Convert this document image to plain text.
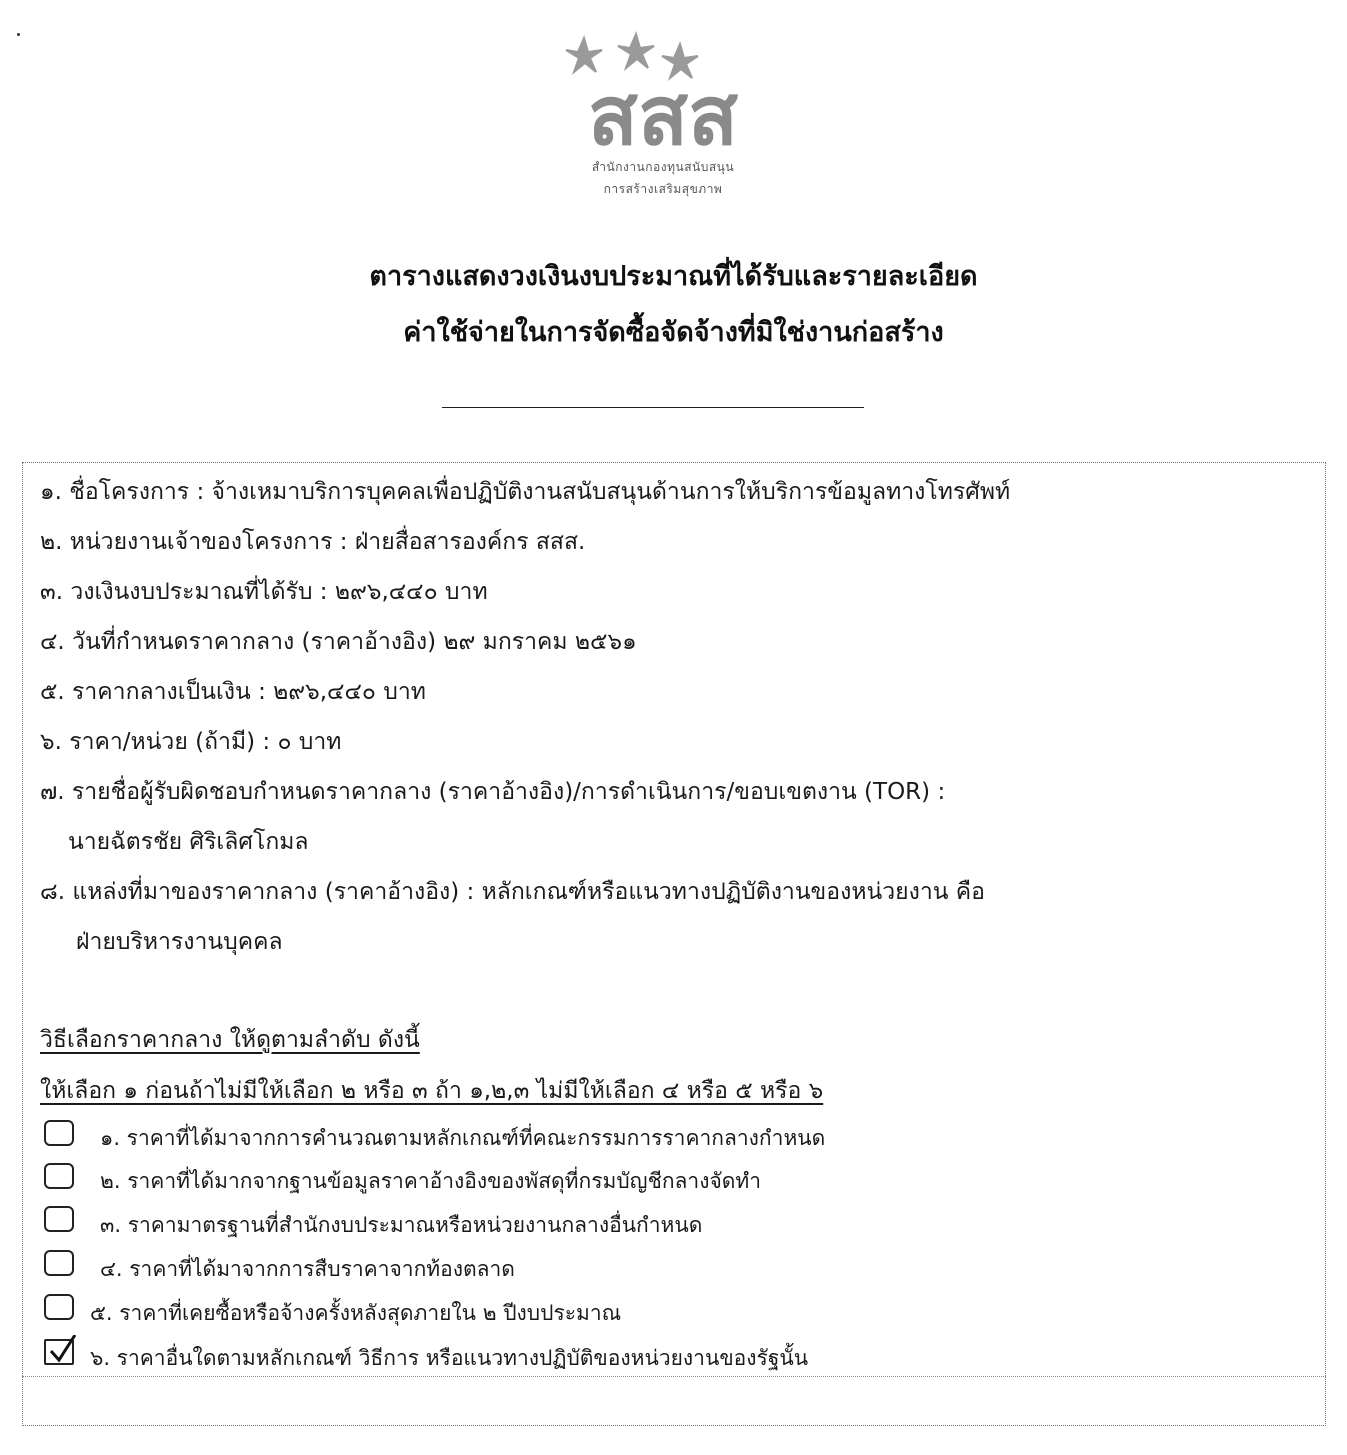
สสส
สำนักงานกองทุนสนับสนุน
การสร้างเสริมสุขภาพ
ตารางแสดงวงเงินงบประมาณที่ได้รับและรายละเอียด
ค่าใช้จ่ายในการจัดซื้อจัดจ้างที่มิใช่งานก่อสร้าง
๑. ชื่อโครงการ : จ้างเหมาบริการบุคคลเพื่อปฏิบัติงานสนับสนุนด้านการให้บริการข้อมูลทางโทรศัพท์
๒. หน่วยงานเจ้าของโครงการ : ฝ่ายสื่อสารองค์กร สสส.
๓. วงเงินงบประมาณที่ได้รับ : ๒๙๖,๔๔๐ บาท
๔. วันที่กำหนดราคากลาง (ราคาอ้างอิง) ๒๙ มกราคม ๒๕๖๑
๕. ราคากลางเป็นเงิน : ๒๙๖,๔๔๐ บาท
๖. ราคา/หน่วย (ถ้ามี) : ๐ บาท
๗. รายชื่อผู้รับผิดชอบกำหนดราคากลาง (ราคาอ้างอิง)/การดำเนินการ/ขอบเขตงาน (TOR) :
นายฉัตรชัย ศิริเลิศโกมล
๘. แหล่งที่มาของราคากลาง (ราคาอ้างอิง) : หลักเกณฑ์หรือแนวทางปฏิบัติงานของหน่วยงาน คือ
ฝ่ายบริหารงานบุคคล
วิธีเลือกราคากลาง ให้ดูตามลำดับ ดังนี้
ให้เลือก ๑ ก่อนถ้าไม่มีให้เลือก ๒ หรือ ๓ ถ้า ๑,๒,๓ ไม่มีให้เลือก ๔ หรือ ๕ หรือ ๖
๑. ราคาที่ได้มาจากการคำนวณตามหลักเกณฑ์ที่คณะกรรมการราคากลางกำหนด
๒. ราคาที่ได้มากจากฐานข้อมูลราคาอ้างอิงของพัสดุที่กรมบัญชีกลางจัดทำ
๓. ราคามาตรฐานที่สำนักงบประมาณหรือหน่วยงานกลางอื่นกำหนด
๔. ราคาที่ได้มาจากการสืบราคาจากท้องตลาด
๕. ราคาที่เคยซื้อหรือจ้างครั้งหลังสุดภายใน ๒ ปีงบประมาณ
๖. ราคาอื่นใดตามหลักเกณฑ์ วิธีการ หรือแนวทางปฏิบัติของหน่วยงานของรัฐนั้น
